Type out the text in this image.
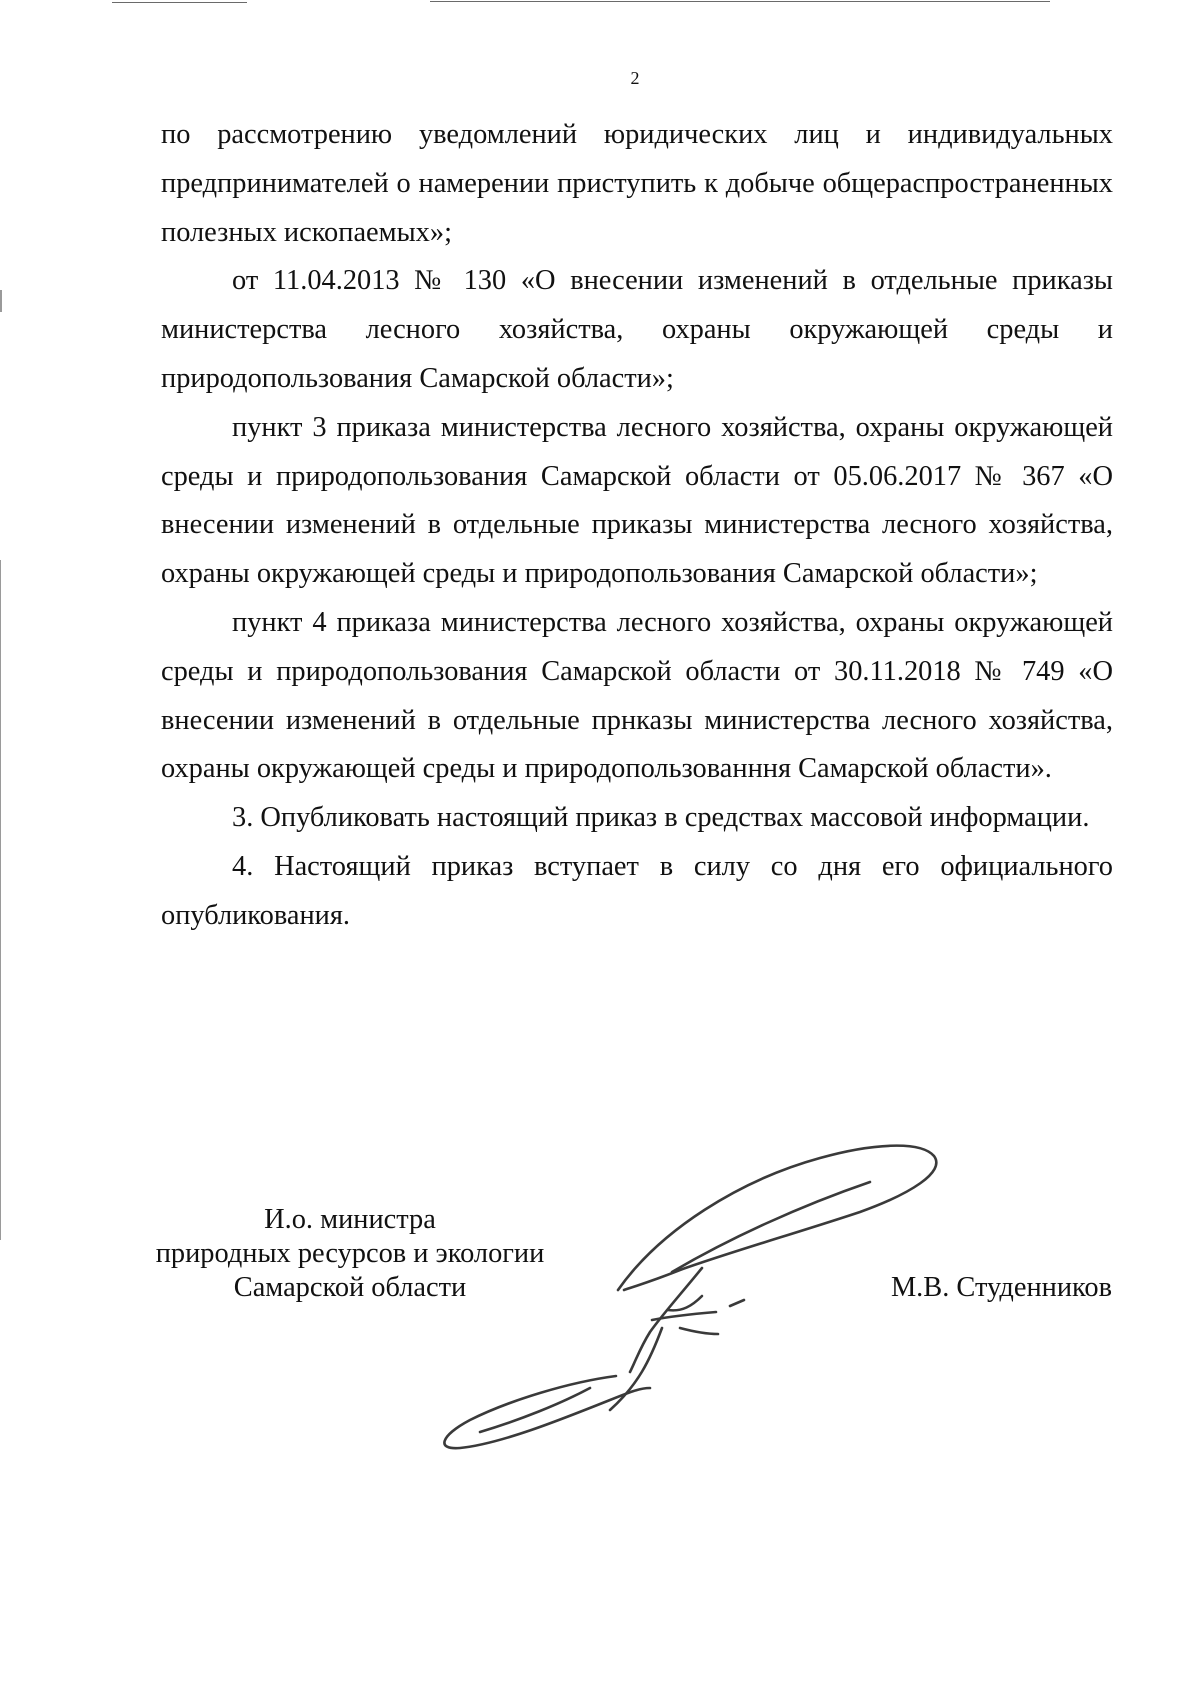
2

по рассмотрению уведомлений юридических лиц и индивидуальных предпринимателей о намерении приступить к добыче общераспространенных полезных ископаемых»;

от 11.04.2013 № 130 «О внесении изменений в отдельные приказы министерства лесного хозяйства, охраны окружающей среды и природопользования Самарской области»;

пункт 3 приказа министерства лесного хозяйства, охраны окружающей среды и природопользования Самарской области от 05.06.2017 № 367 «О внесении изменений в отдельные приказы министерства лесного хозяйства, охраны окружающей среды и природопользования Самарской области»;

пункт 4 приказа министерства лесного хозяйства, охраны окружающей среды и природопользования Самарской области от 30.11.2018 № 749 «О внесении изменений в отдельные прнказы министерства лесного хозяйства, охраны окружающей среды и природопользованння Самарской области».

3. Опубликовать настоящий приказ в средствах массовой информации.

4. Настоящий приказ вступает в силу со дня его официального опубликования.

И.о. министра
природных ресурсов и экологии
Самарской области	М.В. Студенников
